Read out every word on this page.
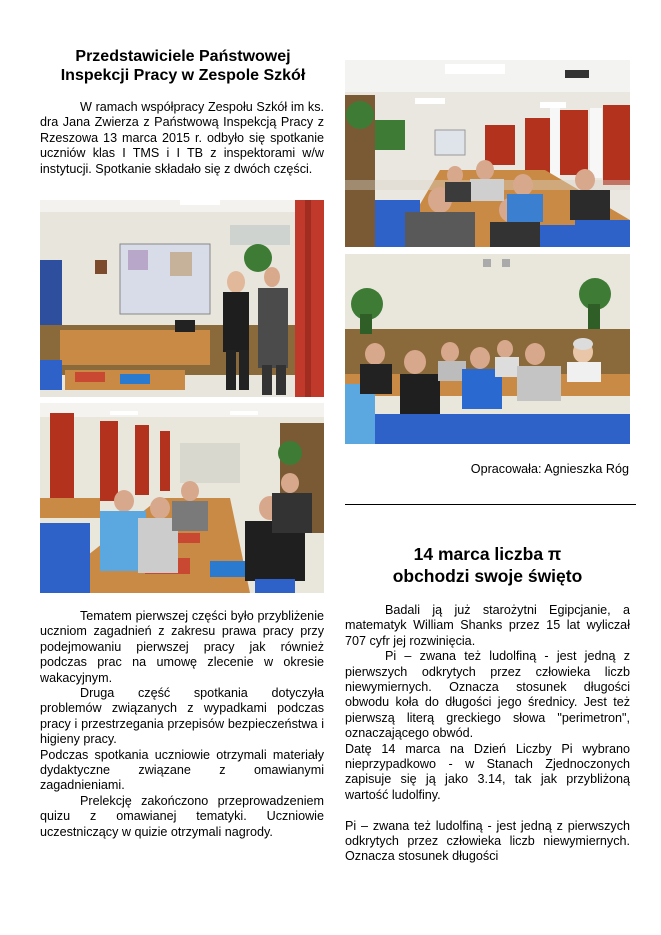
Przedstawiciele Państwowej
Inspekcji Pracy w Zespole Szkół

W ramach współpracy Zespołu Szkół im ks. dra Jana Zwierza z Państwową Inspekcją Pracy z Rzeszowa 13 marca 2015 r. odbyło się spotkanie uczniów klas I TMS i I TB z inspektorami w/w instytucji. Spotkanie składało się z dwóch części.

Tematem pierwszej części było przybliżenie uczniom zagadnień z zakresu prawa pracy przy podejmowaniu pierwszej pracy jak również podczas prac na umowę zlecenie w okresie wakacyjnym.

Druga część spotkania dotyczyła problemów związanych z wypadkami podczas pracy i przestrzegania przepisów bezpieczeństwa i higieny pracy.

Podczas spotkania uczniowie otrzymali materiały dydaktyczne związane z omawianymi zagadnieniami.

Prelekcję zakończono przeprowadzeniem quizu z omawianej tematyki. Uczniowie uczestniczący w quizie otrzymali nagrody.

Opracowała: Agnieszka Róg
14 marca liczba π
obchodzi swoje święto

Badali ją już starożytni Egipcjanie, a matematyk William Shanks przez 15 lat wyliczał 707 cyfr jej rozwinięcia.

Pi – zwana też ludolfiną - jest jedną z pierwszych odkrytych przez człowieka liczb niewymiernych. Oznacza stosunek długości obwodu koła do długości jego średnicy. Jest też pierwszą literą greckiego słowa "perimetron", oznaczającego obwód.

Datę 14 marca na Dzień Liczby Pi wybrano nieprzypadkowo - w Stanach Zjednoczonych zapisuje się ją jako 3.14, tak jak przybliżoną wartość ludolfiny.

Pi – zwana też ludolfiną - jest jedną z pierwszych odkrytych przez człowieka liczb niewymiernych. Oznacza stosunek długości
